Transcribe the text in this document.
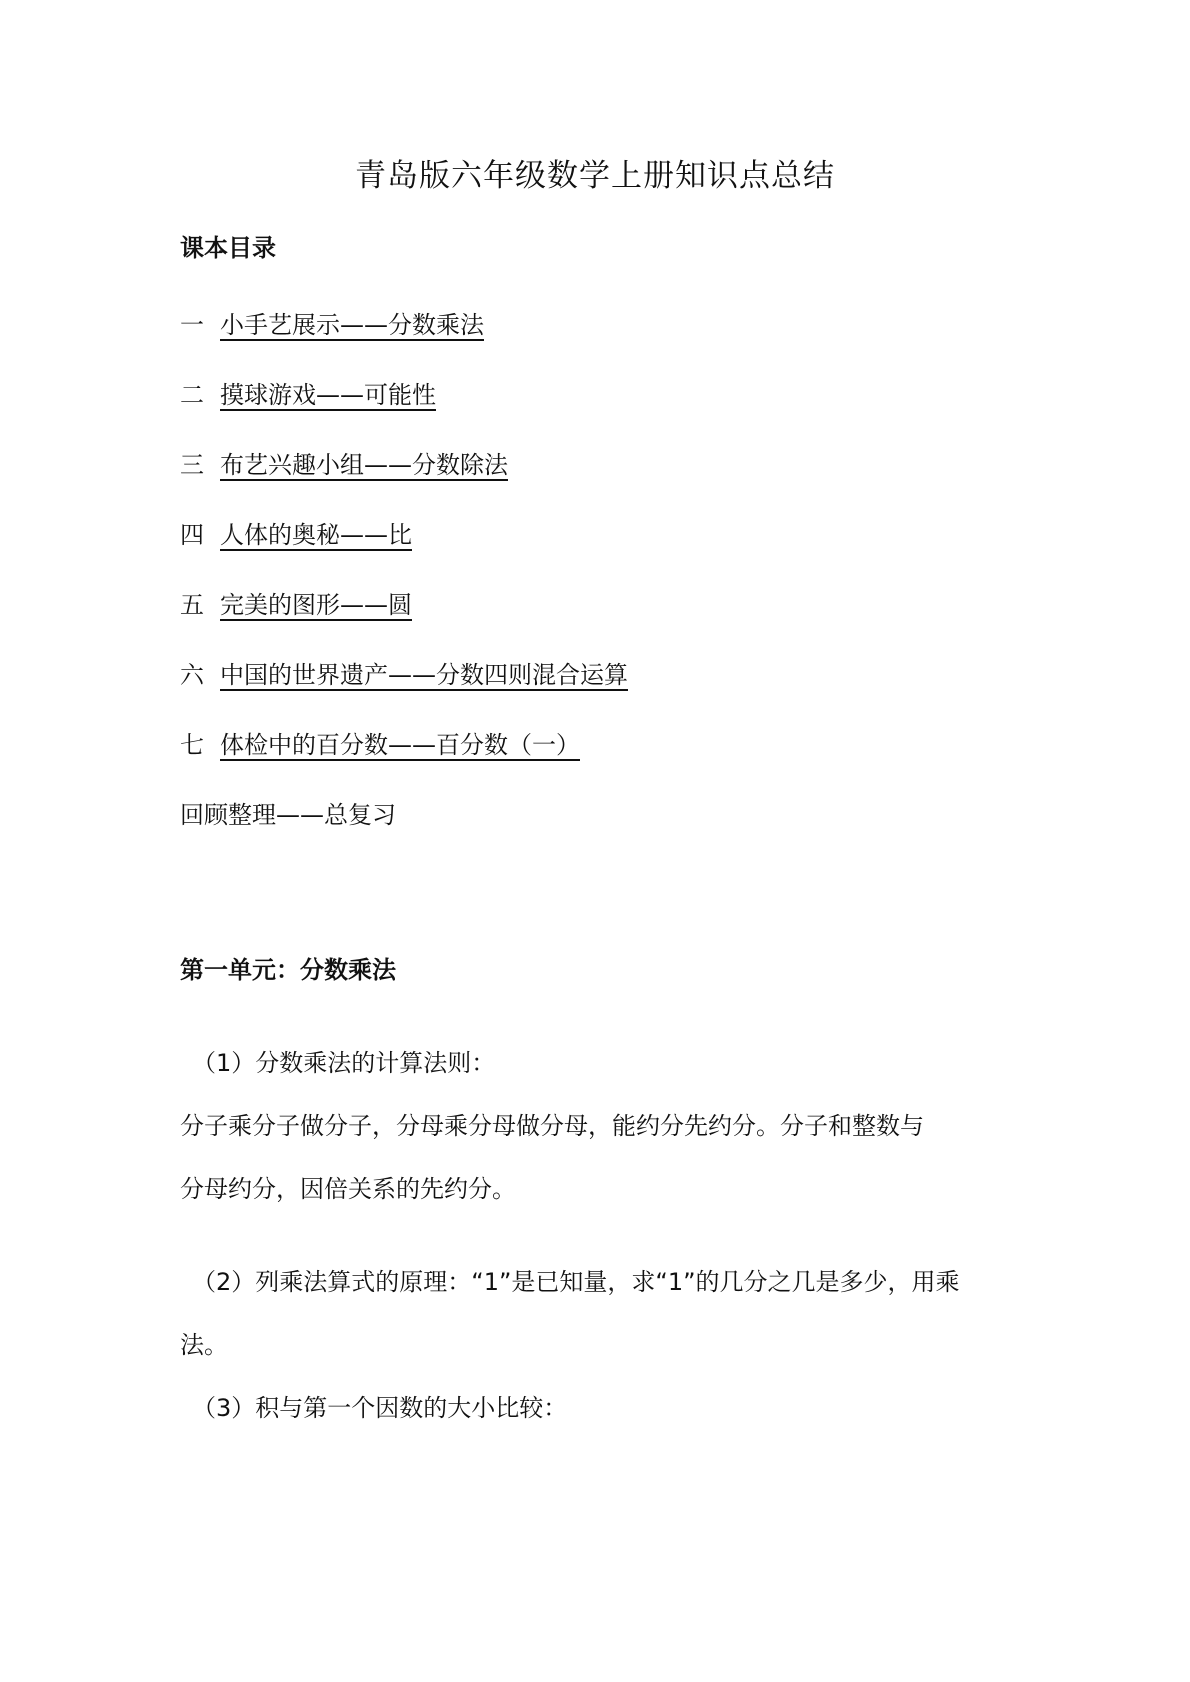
青岛版六年级数学上册知识点总结
课本目录
一 小手艺展示——分数乘法
二 摸球游戏——可能性
三 布艺兴趣小组——分数除法
四 人体的奥秘——比
五 完美的图形——圆
六 中国的世界遗产——分数四则混合运算
七 体检中的百分数——百分数（一）
回顾整理——总复习
第一单元：分数乘法
（1）分数乘法的计算法则：
分子乘分子做分子，分母乘分母做分母，能约分先约分。分子和整数与
分母约分，因倍关系的先约分。
（2）列乘法算式的原理：“1”是已知量，求“1”的几分之几是多少，用乘
法。
（3）积与第一个因数的大小比较：
